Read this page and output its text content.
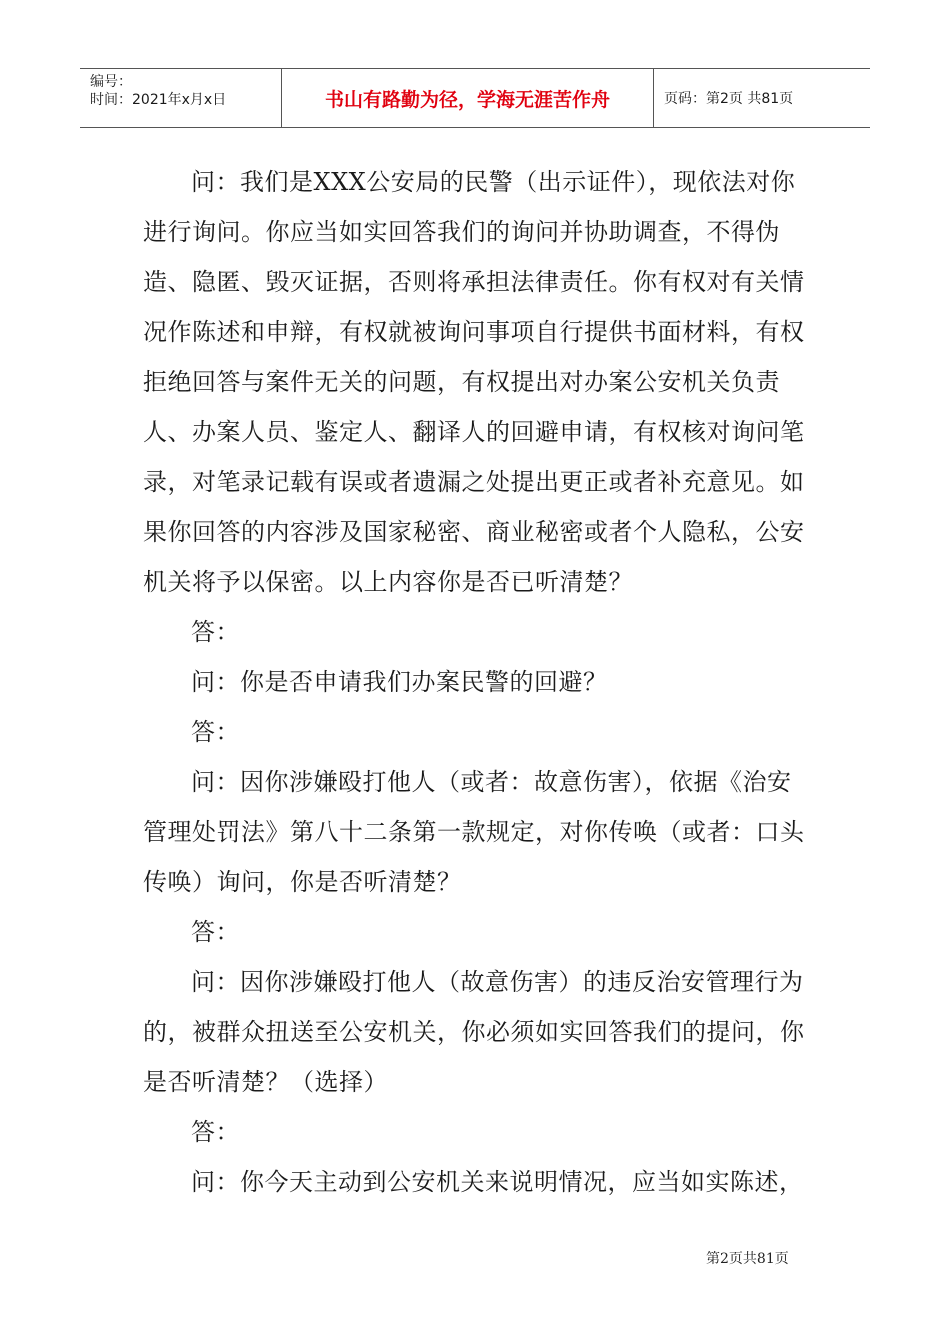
编号：
时间：2021年x月x日	书山有路勤为径，学海无涯苦作舟	页码：第2页 共81页

问：我们是XXX公安局的民警（出示证件），现依法对你进行询问。你应当如实回答我们的询问并协助调查，不得伪造、隐匿、毁灭证据，否则将承担法律责任。你有权对有关情况作陈述和申辩，有权就被询问事项自行提供书面材料，有权拒绝回答与案件无关的问题，有权提出对办案公安机关负责人、办案人员、鉴定人、翻译人的回避申请，有权核对询问笔录，对笔录记载有误或者遗漏之处提出更正或者补充意见。如果你回答的内容涉及国家秘密、商业秘密或者个人隐私，公安机关将予以保密。以上内容你是否已听清楚？

答：

问：你是否申请我们办案民警的回避？

答：

问：因你涉嫌殴打他人（或者：故意伤害），依据《治安管理处罚法》第八十二条第一款规定，对你传唤（或者：口头传唤）询问，你是否听清楚？

答：

问：因你涉嫌殴打他人（故意伤害）的违反治安管理行为的，被群众扭送至公安机关，你必须如实回答我们的提问，你是否听清楚？（选择）

答：

问：你今天主动到公安机关来说明情况，应当如实陈述，

第2页共81页
